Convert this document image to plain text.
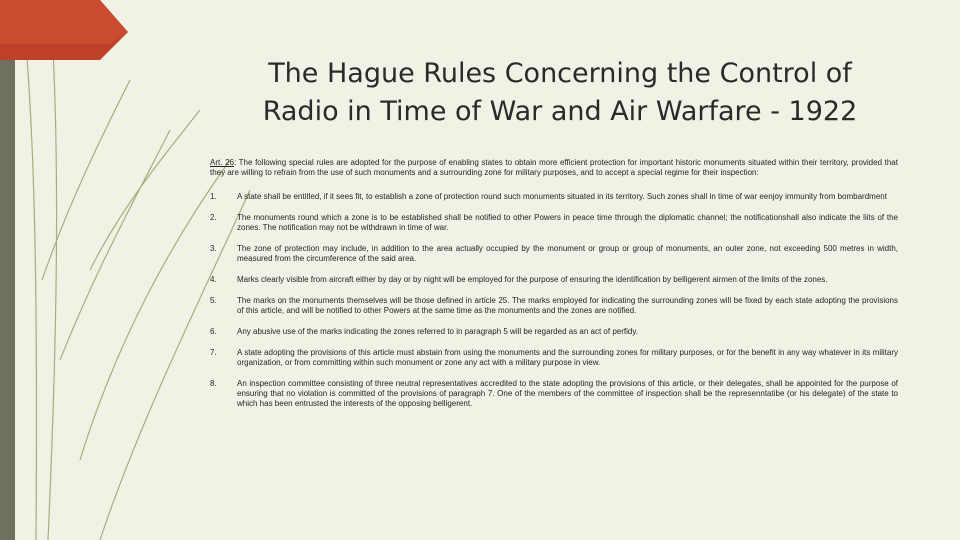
The Hague Rules Concerning the Control of
Radio in Time of War and Air Warfare - 1922

Art. 26: The following special rules are adopted for the purpose of enabling states to obtain more efficient protection for important historic monuments situated within their territory, provided that they are willing to refrain from the use of such monuments and a surrounding zone for military purposes, and to accept a special regime for their inspection:

1.	A state shall be entitled, if it sees fit, to establish a zone of protection round such monuments situated in its territory. Such zones shall in time of war eenjoy immunity from bombardment
2.	The monuments round which a zone is to be established shall be notified to other Powers in peace time through the diplomatic channel; the notificationshall also indicate the liits of the zones. The notification may not be withdrawn in time of war.
3.	The zone of protection may include, in addition to the area actually occupied by the monument or group or group of monuments, an outer zone, not exceeding 500 metres in width, measured from the circumference of the said area.
4.	Marks clearly visible from aircraft either by day or by night will be employed for the purpose of ensuring the identification by belligerent airmen of the limits of the zones.
5.	The marks on the monuments themselves will be those defined in article 25. The marks employed for indicating the surrounding zones will be fixed by each state adopting the provisions of this article, and will be notified to other Powers at the same time as the monuments and the zones are notified.
6.	Any abusive use of the marks indicating the zones referred to in paragraph 5 will be regarded as an act of perfidy.
7.	A state adopting the provisions of this article must abstain from using the monuments and the surrounding zones for military purposes, or for the benefit in any way whatever in its military organization, or from committing within such monument or zone any act with a military purpose in view.
8.	An inspection committee consisting of three neutral representatives accredited to the state adopting the provisions of this article, or their delegates, shall be appointed for the purpose of ensuring that no violation is committed of the provisions of paragraph 7. One of the members of the committee of inspection shall be the represenntatibe (or his delegate) of the state to which has been entrusted the interests of the opposing belligerent.
